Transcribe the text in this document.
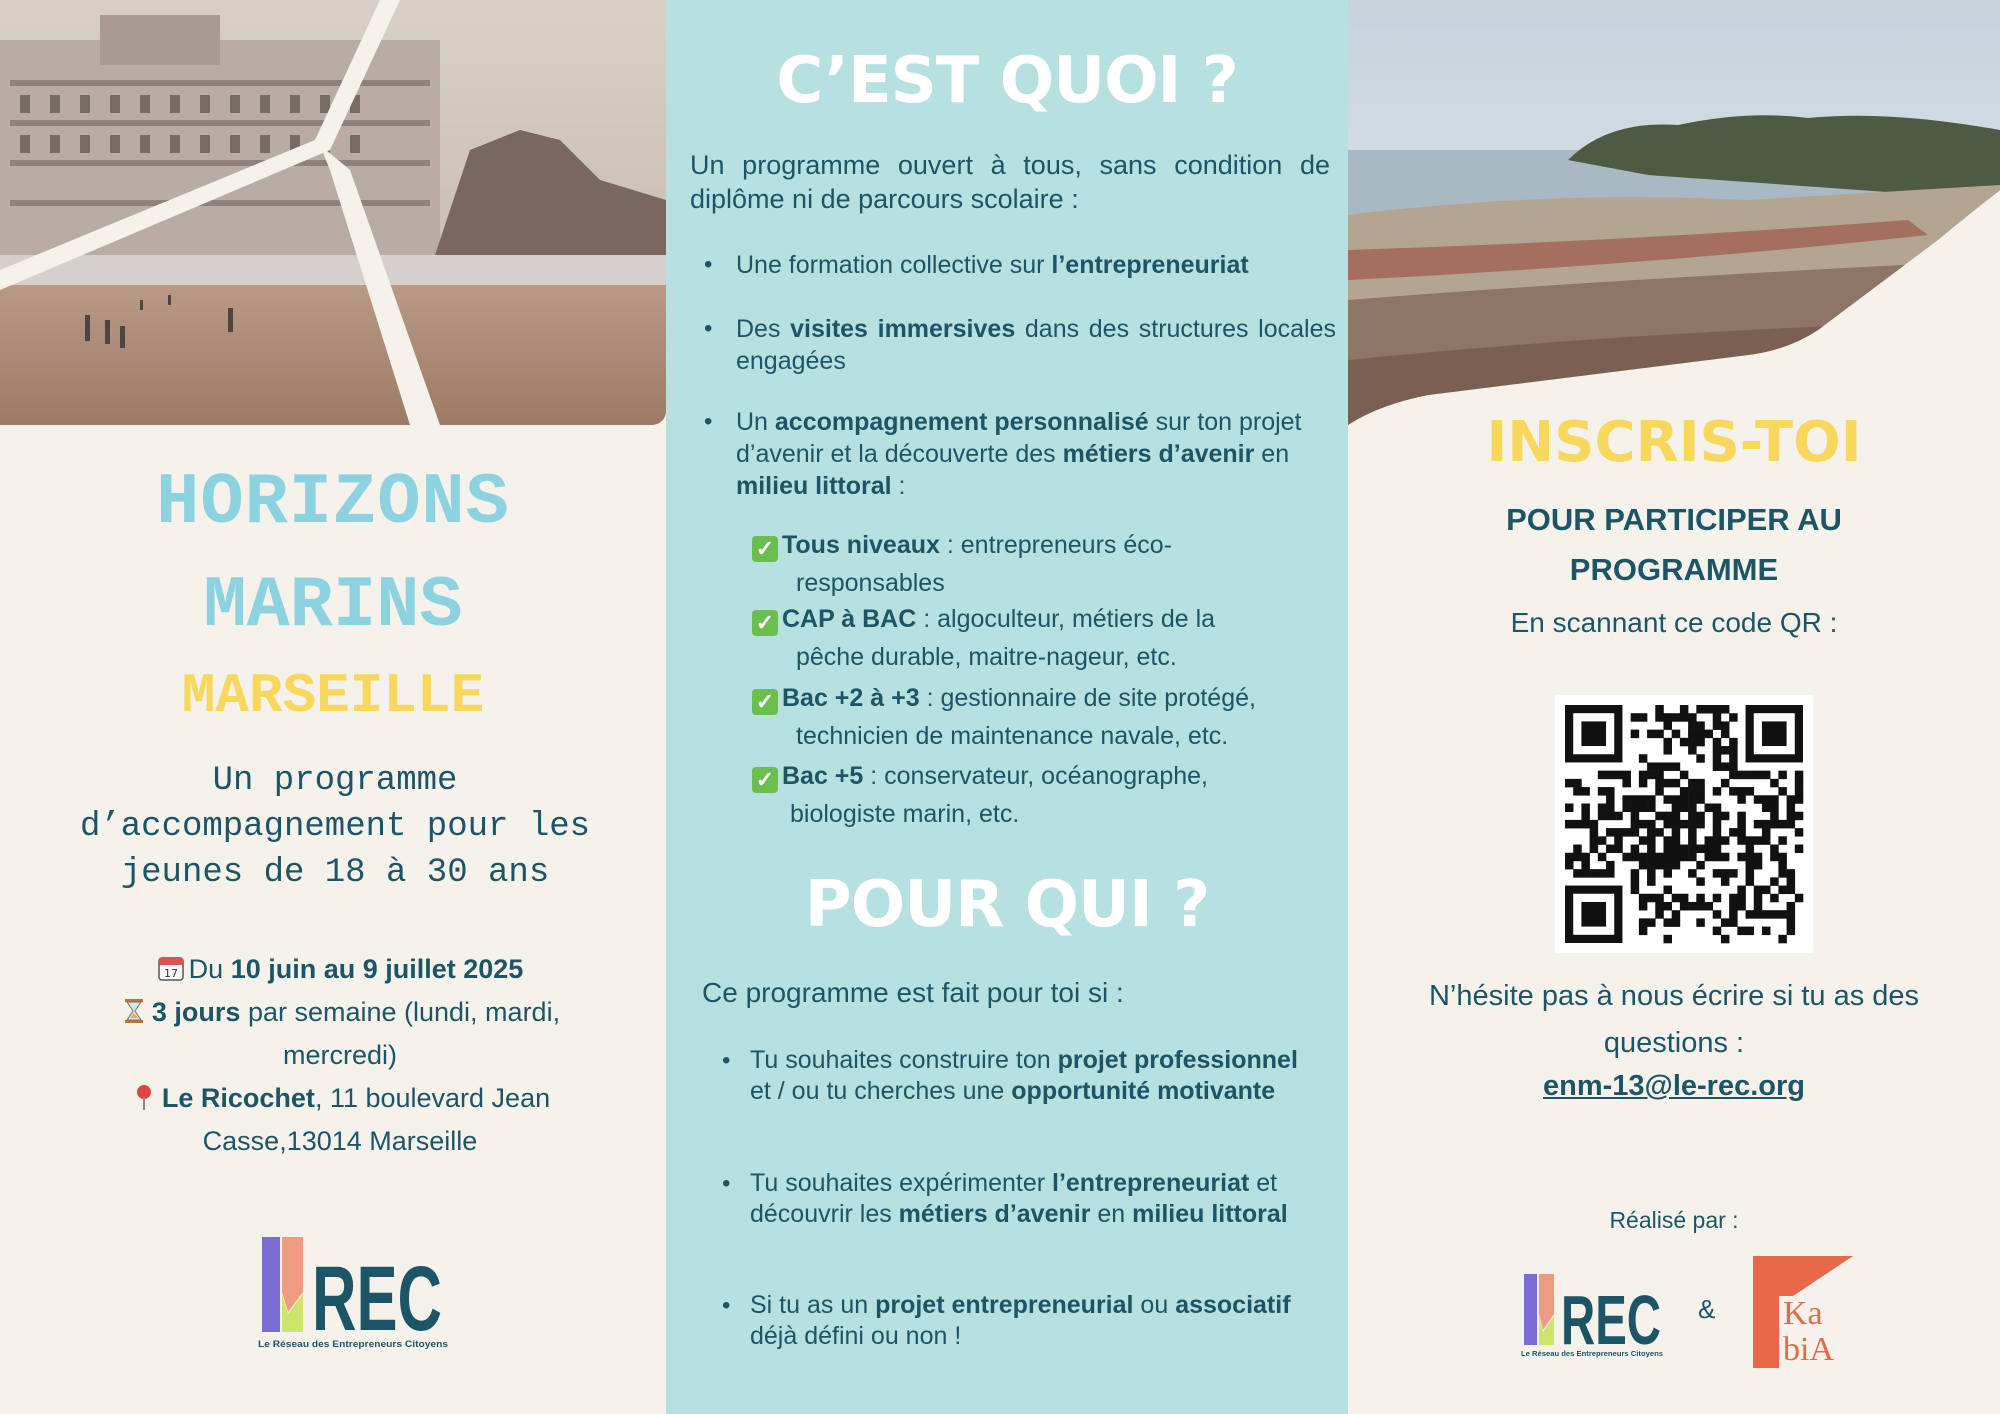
HORIZONS
MARINS
MARSEILLE
Un programme d’accompagnement pour les jeunes de 18 à 30 ans
17 Du 10 juin au 9 juillet 2025
3 jours par semaine (lundi, mardi, mercredi)
Le Ricochet, 11 boulevard Jean Casse,13014 Marseille
REC
Le Réseau des Entrepreneurs Citoyens
C’EST QUOI ?
Un programme ouvert à tous, sans condition de diplôme ni de parcours scolaire :
• Une formation collective sur l’entrepreneuriat
• Des visites immersives dans des structures locales engagées
• Un accompagnement personnalisé sur ton projet d’avenir et la découverte des métiers d’avenir en milieu littoral :
✓ Tous niveaux : entrepreneurs éco-
responsables
✓ CAP à BAC : algoculteur, métiers de la
pêche durable, maitre-nageur, etc.
✓ Bac +2 à +3 : gestionnaire de site protégé,
technicien de maintenance navale, etc.
✓ Bac +5 : conservateur, océanographe,
biologiste marin, etc.
POUR QUI ?
Ce programme est fait pour toi si :
• Tu souhaites construire ton projet professionnel et / ou tu cherches une opportunité motivante
• Tu souhaites expérimenter l’entrepreneuriat et découvrir les métiers d’avenir en milieu littoral
• Si tu as un projet entrepreneurial ou associatif déjà défini ou non !
INSCRIS-TOI
POUR PARTICIPER AU PROGRAMME
En scannant ce code QR :
N’hésite pas à nous écrire si tu as des questions :
enm-13@le-rec.org
Réalisé par :
REC
Le Réseau des Entrepreneurs Citoyens
& Ka
biA
